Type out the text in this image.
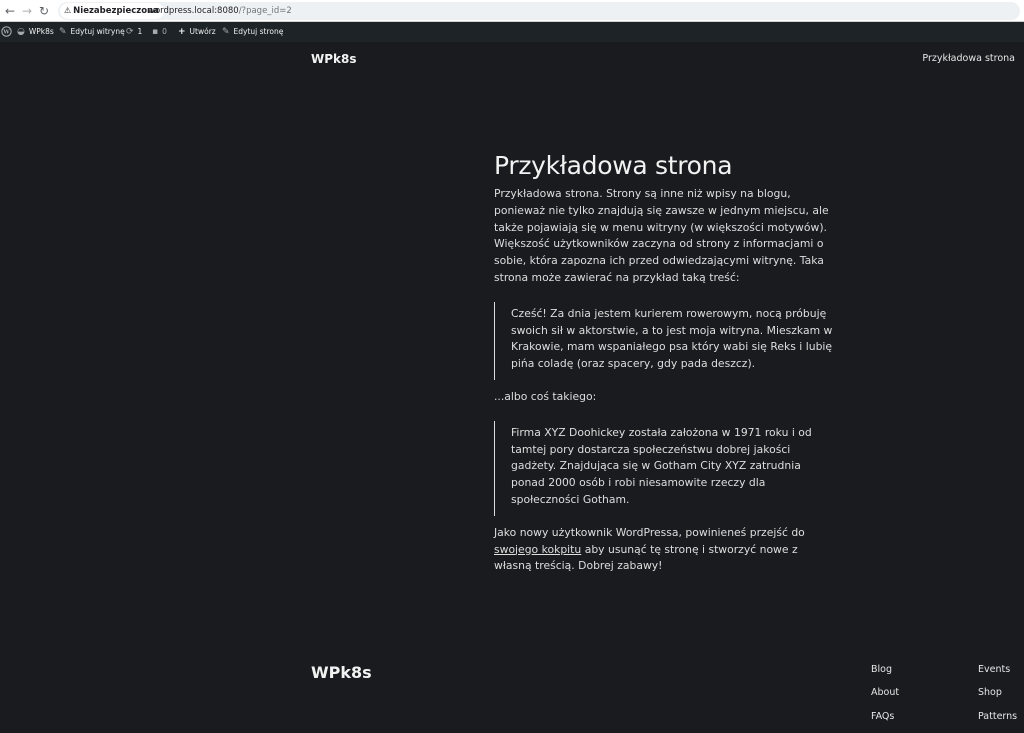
← → ↻	⚠ Niezabezpieczona
wordpress.local:8080/?page_id=2
W ◒ WPk8s ✎ Edytuj witrynę ⟳ 1 ▪ 0 + Utwórz ✎ Edytuj stronę
WPk8s	Przykładowa strona
Przykładowa strona

Przykładowa strona. Strony są inne niż wpisy na blogu, ponieważ nie tylko znajdują się zawsze w jednym miejscu, ale także pojawiają się w menu witryny (w większości motywów). Większość użytkowników zaczyna od strony z informacjami o sobie, która zapozna ich przed odwiedzającymi witrynę. Taka strona może zawierać na przykład taką treść:

Cześć! Za dnia jestem kurierem rowerowym, nocą próbuję swoich sił w aktorstwie, a to jest moja witryna. Mieszkam w Krakowie, mam wspaniałego psa który wabi się Reks i lubię pińa coladę (oraz spacery, gdy pada deszcz).

...albo coś takiego:

Firma XYZ Doohickey została założona w 1971 roku i od tamtej pory dostarcza społeczeństwu dobrej jakości gadżety. Znajdująca się w Gotham City XYZ zatrudnia ponad 2000 osób i robi niesamowite rzeczy dla społeczności Gotham.

Jako nowy użytkownik WordPressa, powinieneś przejść do swojego kokpitu aby usunąć tę stronę i stworzyć nowe z własną treścią. Dobrej zabawy!

WPk8s	Blog
About
FAQs
Events
Shop
Patterns
